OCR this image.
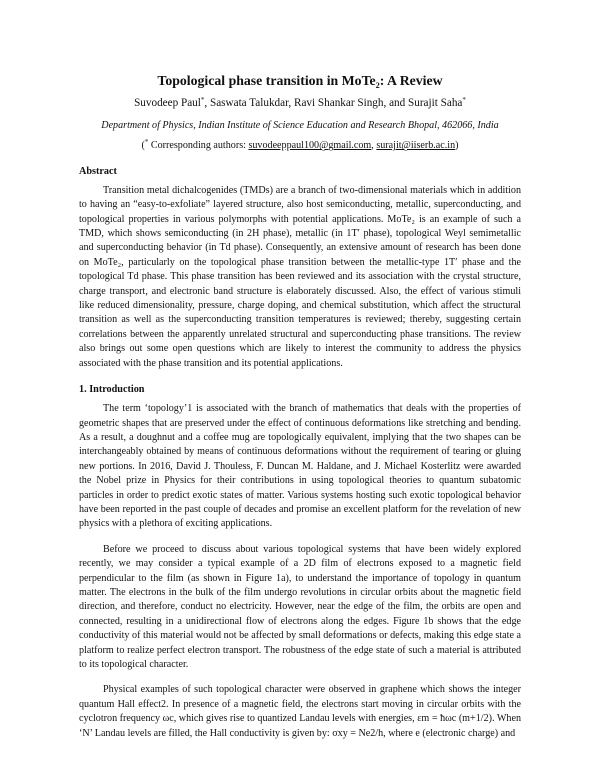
Topological phase transition in MoTe₂: A Review
Suvodeep Paul*, Saswata Talukdar, Ravi Shankar Singh, and Surajit Saha*
Department of Physics, Indian Institute of Science Education and Research Bhopal, 462066, India
(* Corresponding authors: suvodeeppaul100@gmail.com, surajit@iiserb.ac.in)
Abstract

Transition metal dichalcogenides (TMDs) are a branch of two-dimensional materials which in addition to having an “easy-to-exfoliate” layered structure, also host semiconducting, metallic, superconducting, and topological properties in various polymorphs with potential applications. MoTe₂ is an example of such a TMD, which shows semiconducting (in 2H phase), metallic (in 1T′ phase), topological Weyl semimetallic and superconducting behavior (in Td phase). Consequently, an extensive amount of research has been done on MoTe₂, particularly on the topological phase transition between the metallic-type 1T′ phase and the topological Td phase. This phase transition has been reviewed and its association with the crystal structure, charge transport, and electronic band structure is elaborately discussed. Also, the effect of various stimuli like reduced dimensionality, pressure, charge doping, and chemical substitution, which affect the structural transition as well as the superconducting transition temperatures is reviewed; thereby, suggesting certain correlations between the apparently unrelated structural and superconducting phase transitions. The review also brings out some open questions which are likely to interest the community to address the physics associated with the phase transition and its potential applications.

1. Introduction

The term ‘topology’1 is associated with the branch of mathematics that deals with the properties of geometric shapes that are preserved under the effect of continuous deformations like stretching and bending. As a result, a doughnut and a coffee mug are topologically equivalent, implying that the two shapes can be interchangeably obtained by means of continuous deformations without the requirement of tearing or gluing new portions. In 2016, David J. Thouless, F. Duncan M. Haldane, and J. Michael Kosterlitz were awarded the Nobel prize in Physics for their contributions in using topological theories to quantum subatomic particles in order to predict exotic states of matter. Various systems hosting such exotic topological behavior have been reported in the past couple of decades and promise an excellent platform for the revelation of new physics with a plethora of exciting applications.

Before we proceed to discuss about various topological systems that have been widely explored recently, we may consider a typical example of a 2D film of electrons exposed to a magnetic field perpendicular to the film (as shown in Figure 1a), to understand the importance of topology in quantum matter. The electrons in the bulk of the film undergo revolutions in circular orbits about the magnetic field direction, and therefore, conduct no electricity. However, near the edge of the film, the orbits are open and connected, resulting in a unidirectional flow of electrons along the edges. Figure 1b shows that the edge conductivity of this material would not be affected by small deformations or defects, making this edge state a platform to realize perfect electron transport. The robustness of the edge state of such a material is attributed to its topological character.

Physical examples of such topological character were observed in graphene which shows the integer quantum Hall effect2. In presence of a magnetic field, the electrons start moving in circular orbits with the cyclotron frequency ωc, which gives rise to quantized Landau levels with energies, εm = ħωc (m+1/2). When ‘N’ Landau levels are filled, the Hall conductivity is given by: σxy = Ne2/h, where e (electronic charge) and
